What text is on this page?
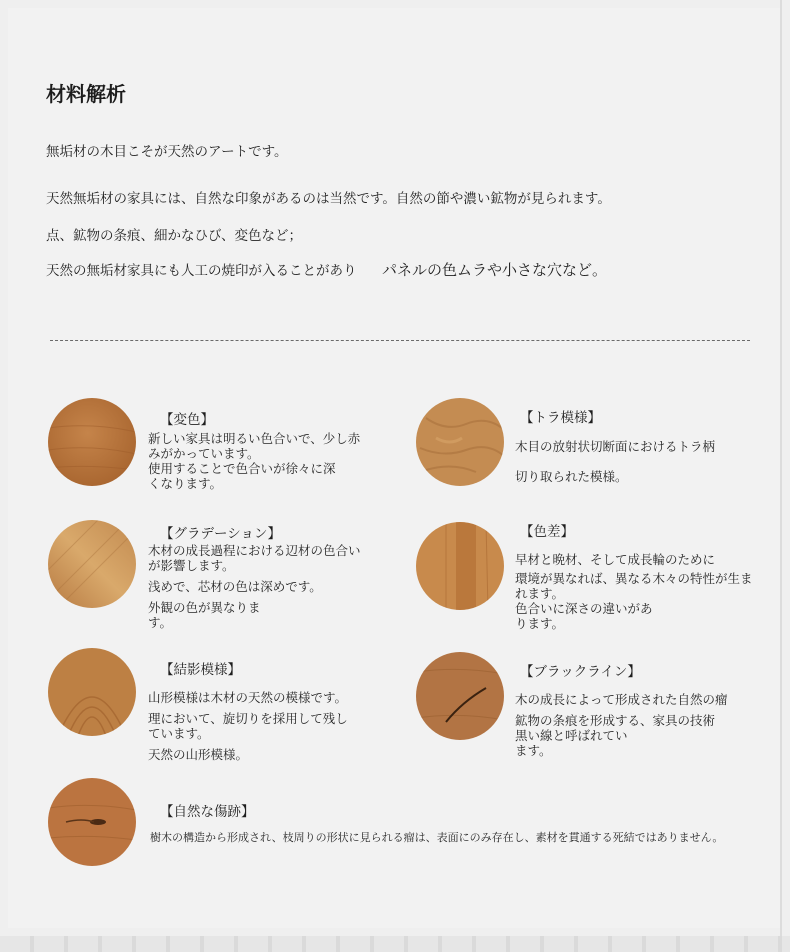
材料解析
無垢材の木目こそが天然のアートです。
天然無垢材の家具には、自然な印象があるのは当然です。自然の節や濃い鉱物が見られます。
点、鉱物の条痕、細かなひび、変色など；
天然の無垢材家具にも人工の焼印が入ることがあり パネルの色ムラや小さな穴など。
【変色】
新しい家具は明るい色合いで、少し赤
みがかっています。
使用することで色合いが徐々に深
くなります。
【トラ模様】
木目の放射状切断面におけるトラ柄
切り取られた模様。
【グラデーション】
木材の成長過程における辺材の色合い
が影響します。
浅めで、芯材の色は深めです。
外観の色が異なりま
す。
【色差】
早材と晩材、そして成長輪のために
環境が異なれば、異なる木々の特性が生ま
れます。
色合いに深さの違いがあ
ります。
【結影模様】
山形模様は木材の天然の模様です。
理において、旋切りを採用して残し
ています。
天然の山形模様。
【ブラックライン】
木の成長によって形成された自然の瘤
鉱物の条痕を形成する、家具の技術
黒い線と呼ばれてい
ます。
【自然な傷跡】
樹木の構造から形成され、枝周りの形状に見られる瘤は、表面にのみ存在し、素材を貫通する死結ではありません。
